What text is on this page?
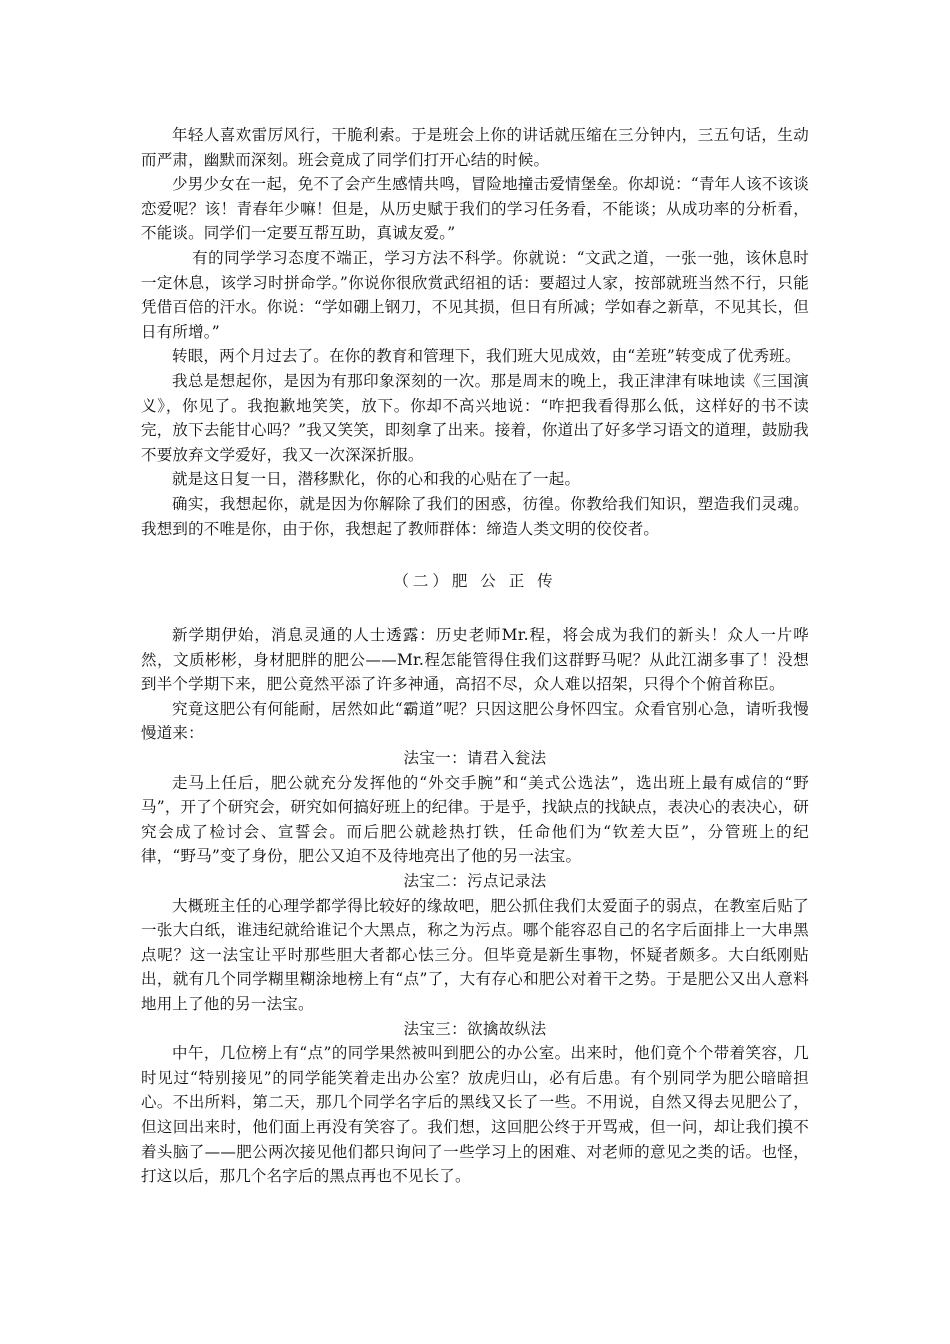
年轻人喜欢雷厉风行，干脆利索。于是班会上你的讲话就压缩在三分钟内，三五句话，生动而严肃，幽默而深刻。班会竟成了同学们打开心结的时候。

少男少女在一起，免不了会产生感情共鸣，冒险地撞击爱情堡垒。你却说：“青年人该不该谈恋爱呢？该！青春年少嘛！但是，从历史赋于我们的学习任务看，不能谈；从成功率的分析看，不能谈。同学们一定要互帮互助，真诚友爱。”

有的同学学习态度不端正，学习方法不科学。你就说：“文武之道，一张一弛，该休息时一定休息，该学习时拼命学。”你说你很欣赏武绍祖的话：要超过人家，按部就班当然不行，只能凭借百倍的汗水。你说：“学如硼上钢刀，不见其损，但日有所减；学如春之新草，不见其长，但日有所增。”

转眼，两个月过去了。在你的教育和管理下，我们班大见成效，由“差班”转变成了优秀班。

我总是想起你，是因为有那印象深刻的一次。那是周末的晚上，我正津津有味地读《三国演义》，你见了。我抱歉地笑笑，放下。你却不高兴地说：“咋把我看得那么低，这样好的书不读完，放下去能甘心吗？”我又笑笑，即刻拿了出来。接着，你道出了好多学习语文的道理，鼓励我不要放弃文学爱好，我又一次深深折服。

就是这日复一日，潜移默化，你的心和我的心贴在了一起。

确实，我想起你，就是因为你解除了我们的困惑，彷徨。你教给我们知识，塑造我们灵魂。我想到的不唯是你，由于你，我想起了教师群体：缔造人类文明的佼佼者。

（二）肥 公 正 传

新学期伊始，消息灵通的人士透露：历史老师Mr.程，将会成为我们的新头！众人一片哗然，文质彬彬，身材肥胖的肥公——Mr.程怎能管得住我们这群野马呢？从此江湖多事了！没想到半个学期下来，肥公竟然平添了许多神通，高招不尽，众人难以招架，只得个个俯首称臣。

究竟这肥公有何能耐，居然如此“霸道”呢？只因这肥公身怀四宝。众看官别心急，请听我慢慢道来：

法宝一：请君入瓮法

走马上任后，肥公就充分发挥他的“外交手腕”和“美式公选法”，选出班上最有威信的“野马”，开了个研究会，研究如何搞好班上的纪律。于是乎，找缺点的找缺点，表决心的表决心，研究会成了检讨会、宣誓会。而后肥公就趁热打铁，任命他们为“钦差大臣”，分管班上的纪律，“野马”变了身份，肥公又迫不及待地亮出了他的另一法宝。

法宝二：污点记录法

大概班主任的心理学都学得比较好的缘故吧，肥公抓住我们太爱面子的弱点，在教室后贴了一张大白纸，谁违纪就给谁记个大黑点，称之为污点。哪个能容忍自己的名字后面排上一大串黑点呢？这一法宝让平时那些胆大者都心怯三分。但毕竟是新生事物，怀疑者颇多。大白纸刚贴出，就有几个同学糊里糊涂地榜上有“点”了，大有存心和肥公对着干之势。于是肥公又出人意料地用上了他的另一法宝。

法宝三：欲擒故纵法

中午，几位榜上有“点”的同学果然被叫到肥公的办公室。出来时，他们竟个个带着笑容，几时见过“特别接见”的同学能笑着走出办公室？放虎归山，必有后患。有个别同学为肥公暗暗担心。不出所料，第二天，那几个同学名字后的黑线又长了一些。不用说，自然又得去见肥公了，但这回出来时，他们面上再没有笑容了。我们想，这回肥公终于开骂戒，但一问，却让我们摸不着头脑了——肥公两次接见他们都只询问了一些学习上的困难、对老师的意见之类的话。也怪，打这以后，那几个名字后的黑点再也不见长了。
